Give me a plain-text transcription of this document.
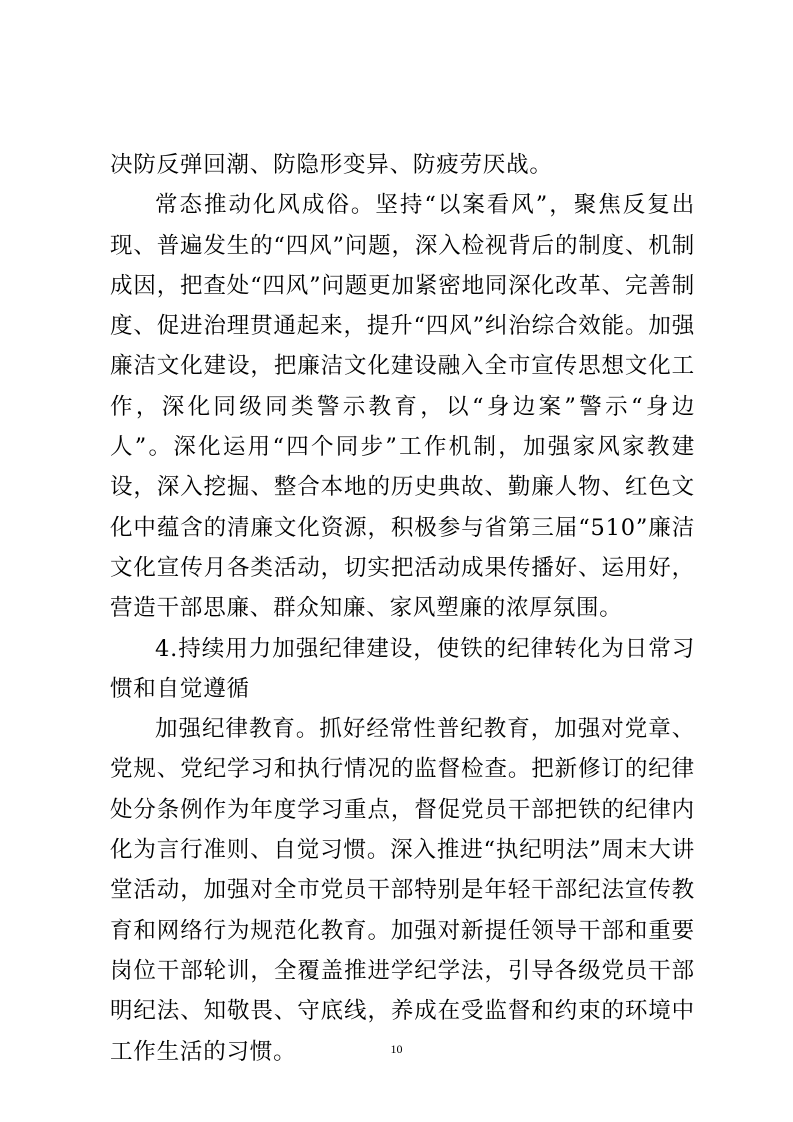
决防反弹回潮、防隐形变异、防疲劳厌战。

常态推动化风成俗。坚持“以案看风”，聚焦反复出现、普遍发生的“四风”问题，深入检视背后的制度、机制成因，把查处“四风”问题更加紧密地同深化改革、完善制度、促进治理贯通起来，提升“四风”纠治综合效能。加强廉洁文化建设，把廉洁文化建设融入全市宣传思想文化工作，深化同级同类警示教育，以“身边案”警示“身边人”。深化运用“四个同步”工作机制，加强家风家教建设，深入挖掘、整合本地的历史典故、勤廉人物、红色文化中蕴含的清廉文化资源，积极参与省第三届“510”廉洁文化宣传月各类活动，切实把活动成果传播好、运用好，营造干部思廉、群众知廉、家风塑廉的浓厚氛围。

4.持续用力加强纪律建设，使铁的纪律转化为日常习惯和自觉遵循

加强纪律教育。抓好经常性普纪教育，加强对党章、党规、党纪学习和执行情况的监督检查。把新修订的纪律处分条例作为年度学习重点，督促党员干部把铁的纪律内化为言行准则、自觉习惯。深入推进“执纪明法”周末大讲堂活动，加强对全市党员干部特别是年轻干部纪法宣传教育和网络行为规范化教育。加强对新提任领导干部和重要岗位干部轮训，全覆盖推进学纪学法，引导各级党员干部明纪法、知敬畏、守底线，养成在受监督和约束的环境中工作生活的习惯。	10
